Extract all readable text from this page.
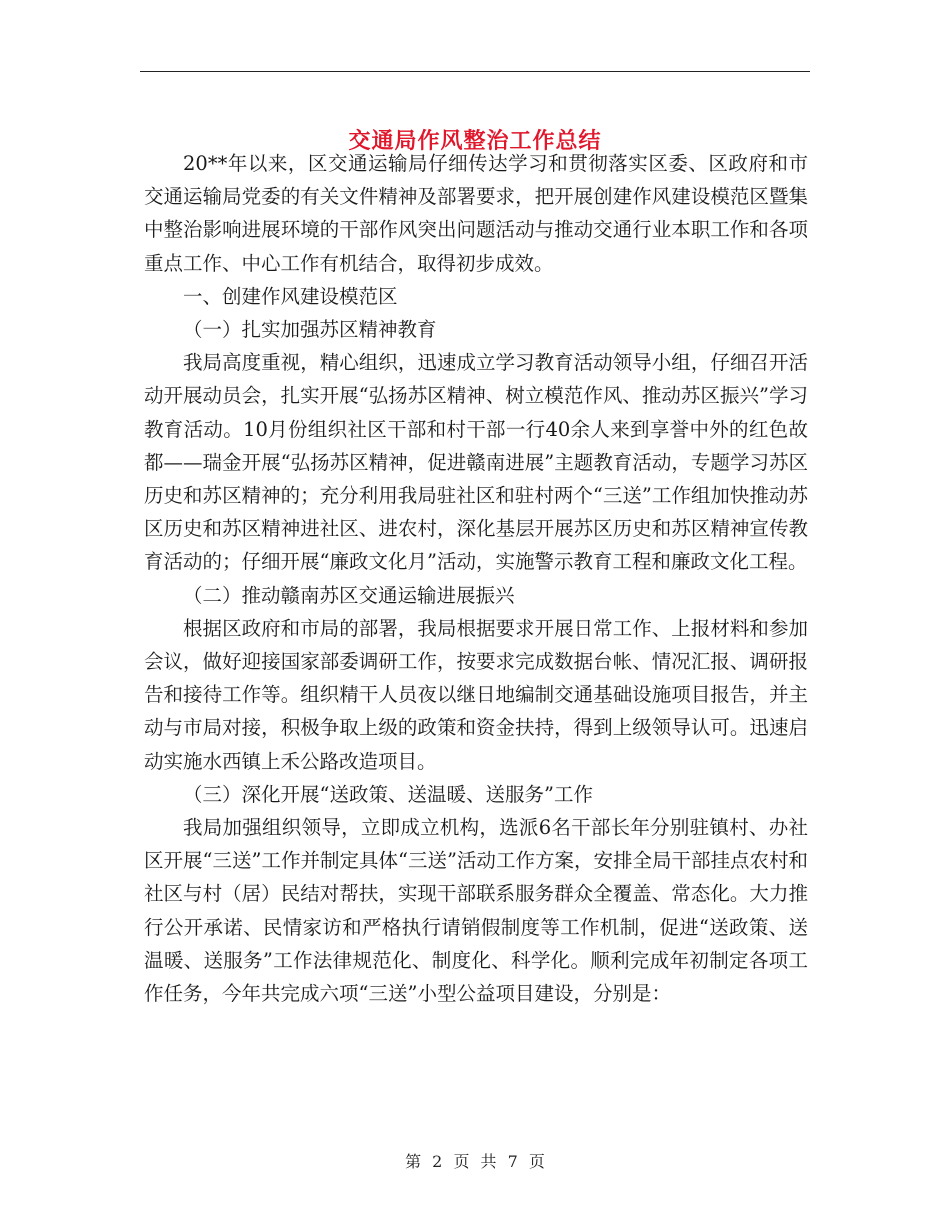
交通局作风整治工作总结

20**年以来，区交通运输局仔细传达学习和贯彻落实区委、区政府和市交通运输局党委的有关文件精神及部署要求，把开展创建作风建设模范区暨集中整治影响进展环境的干部作风突出问题活动与推动交通行业本职工作和各项重点工作、中心工作有机结合，取得初步成效。

一、创建作风建设模范区

（一）扎实加强苏区精神教育

我局高度重视，精心组织，迅速成立学习教育活动领导小组，仔细召开活动开展动员会，扎实开展“弘扬苏区精神、树立模范作风、推动苏区振兴”学习教育活动。10月份组织社区干部和村干部一行40余人来到享誉中外的红色故都——瑞金开展“弘扬苏区精神，促进赣南进展”主题教育活动，专题学习苏区历史和苏区精神的；充分利用我局驻社区和驻村两个“三送”工作组加快推动苏区历史和苏区精神进社区、进农村，深化基层开展苏区历史和苏区精神宣传教育活动的；仔细开展“廉政文化月”活动，实施警示教育工程和廉政文化工程。

（二）推动赣南苏区交通运输进展振兴

根据区政府和市局的部署，我局根据要求开展日常工作、上报材料和参加会议，做好迎接国家部委调研工作，按要求完成数据台帐、情况汇报、调研报告和接待工作等。组织精干人员夜以继日地编制交通基础设施项目报告，并主动与市局对接，积极争取上级的政策和资金扶持，得到上级领导认可。迅速启动实施水西镇上禾公路改造项目。

（三）深化开展“送政策、送温暖、送服务”工作

我局加强组织领导，立即成立机构，选派6名干部长年分别驻镇村、办社区开展“三送”工作并制定具体“三送”活动工作方案，安排全局干部挂点农村和社区与村（居）民结对帮扶，实现干部联系服务群众全覆盖、常态化。大力推行公开承诺、民情家访和严格执行请销假制度等工作机制，促进“送政策、送温暖、送服务”工作法律规范化、制度化、科学化。顺利完成年初制定各项工作任务，今年共完成六项“三送”小型公益项目建设，分别是：

第 2 页 共 7 页
